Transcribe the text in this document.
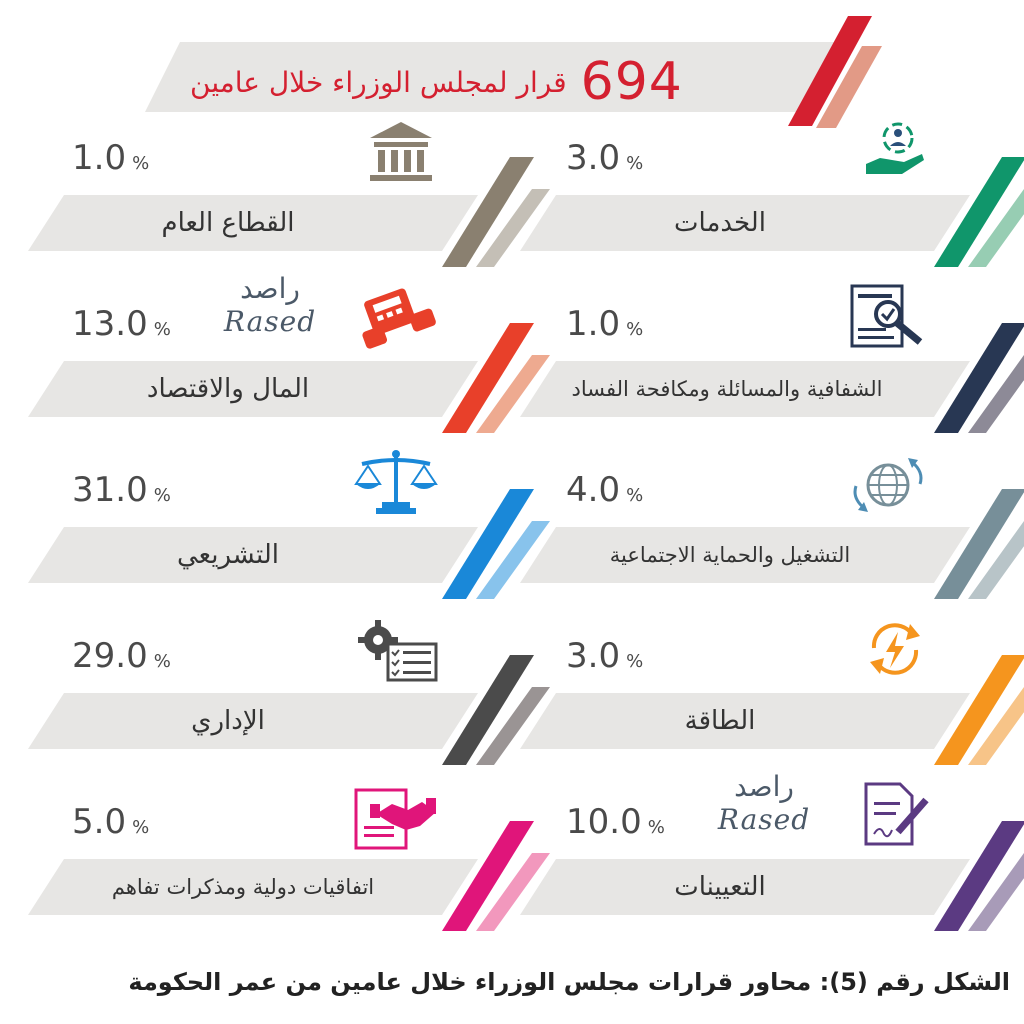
694
قرار لمجلس الوزراء خلال عامين
الخدمات
القطاع العام
الشفافية والمسائلة ومكافحة الفساد
المال والاقتصاد
التشغيل والحماية الاجتماعية
التشريعي
الطاقة
الإداري
التعيينات
اتفاقيات دولية ومذكرات تفاهم
3.0 %
1.0 %
1.0 %
13.0 %
4.0 %
31.0 %
3.0 %
29.0 %
10.0 %
5.0 %
راصد
Rased
راصد
Rased
الشكل رقم (5): محاور قرارات مجلس الوزراء خلال عامين من عمر الحكومة
